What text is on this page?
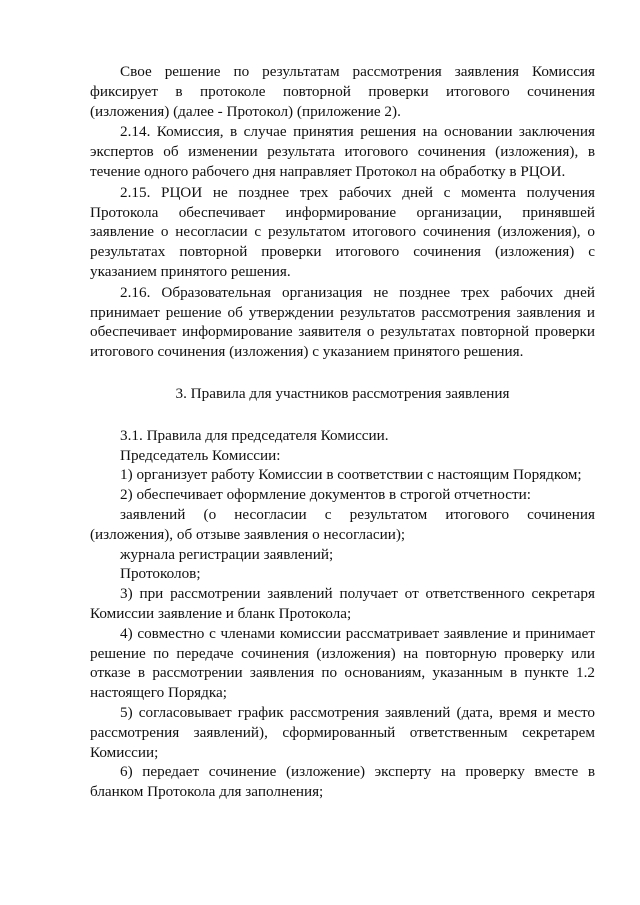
Свое решение по результатам рассмотрения заявления Комиссия фиксирует в протоколе повторной проверки итогового сочинения (изложения) (далее - Протокол) (приложение 2).

2.14. Комиссия, в случае принятия решения на основании заключения экспертов об изменении результата итогового сочинения (изложения), в течение одного рабочего дня направляет Протокол на обработку в РЦОИ.

2.15. РЦОИ не позднее трех рабочих дней с момента получения Протокола обеспечивает информирование организации, принявшей заявление о несогласии с результатом итогового сочинения (изложения), о результатах повторной проверки итогового сочинения (изложения) с указанием принятого решения.

2.16. Образовательная организация не позднее трех рабочих дней принимает решение об утверждении результатов рассмотрения заявления и обеспечивает информирование заявителя о результатах повторной проверки итогового сочинения (изложения) с указанием принятого решения.

3. Правила для участников рассмотрения заявления

3.1. Правила для председателя Комиссии.

Председатель Комиссии:

1) организует работу Комиссии в соответствии с настоящим Порядком;

2) обеспечивает оформление документов в строгой отчетности:

заявлений (о несогласии с результатом итогового сочинения (изложения), об отзыве заявления о несогласии);

журнала регистрации заявлений;

Протоколов;

3) при рассмотрении заявлений получает от ответственного секретаря Комиссии заявление и бланк Протокола;

4) совместно с членами комиссии рассматривает заявление и принимает решение по передаче сочинения (изложения) на повторную проверку или отказе в рассмотрении заявления по основаниям, указанным в пункте 1.2 настоящего Порядка;

5) согласовывает график рассмотрения заявлений (дата, время и место рассмотрения заявлений), сформированный ответственным секретарем Комиссии;

6) передает сочинение (изложение) эксперту на проверку вместе в бланком Протокола для заполнения;
